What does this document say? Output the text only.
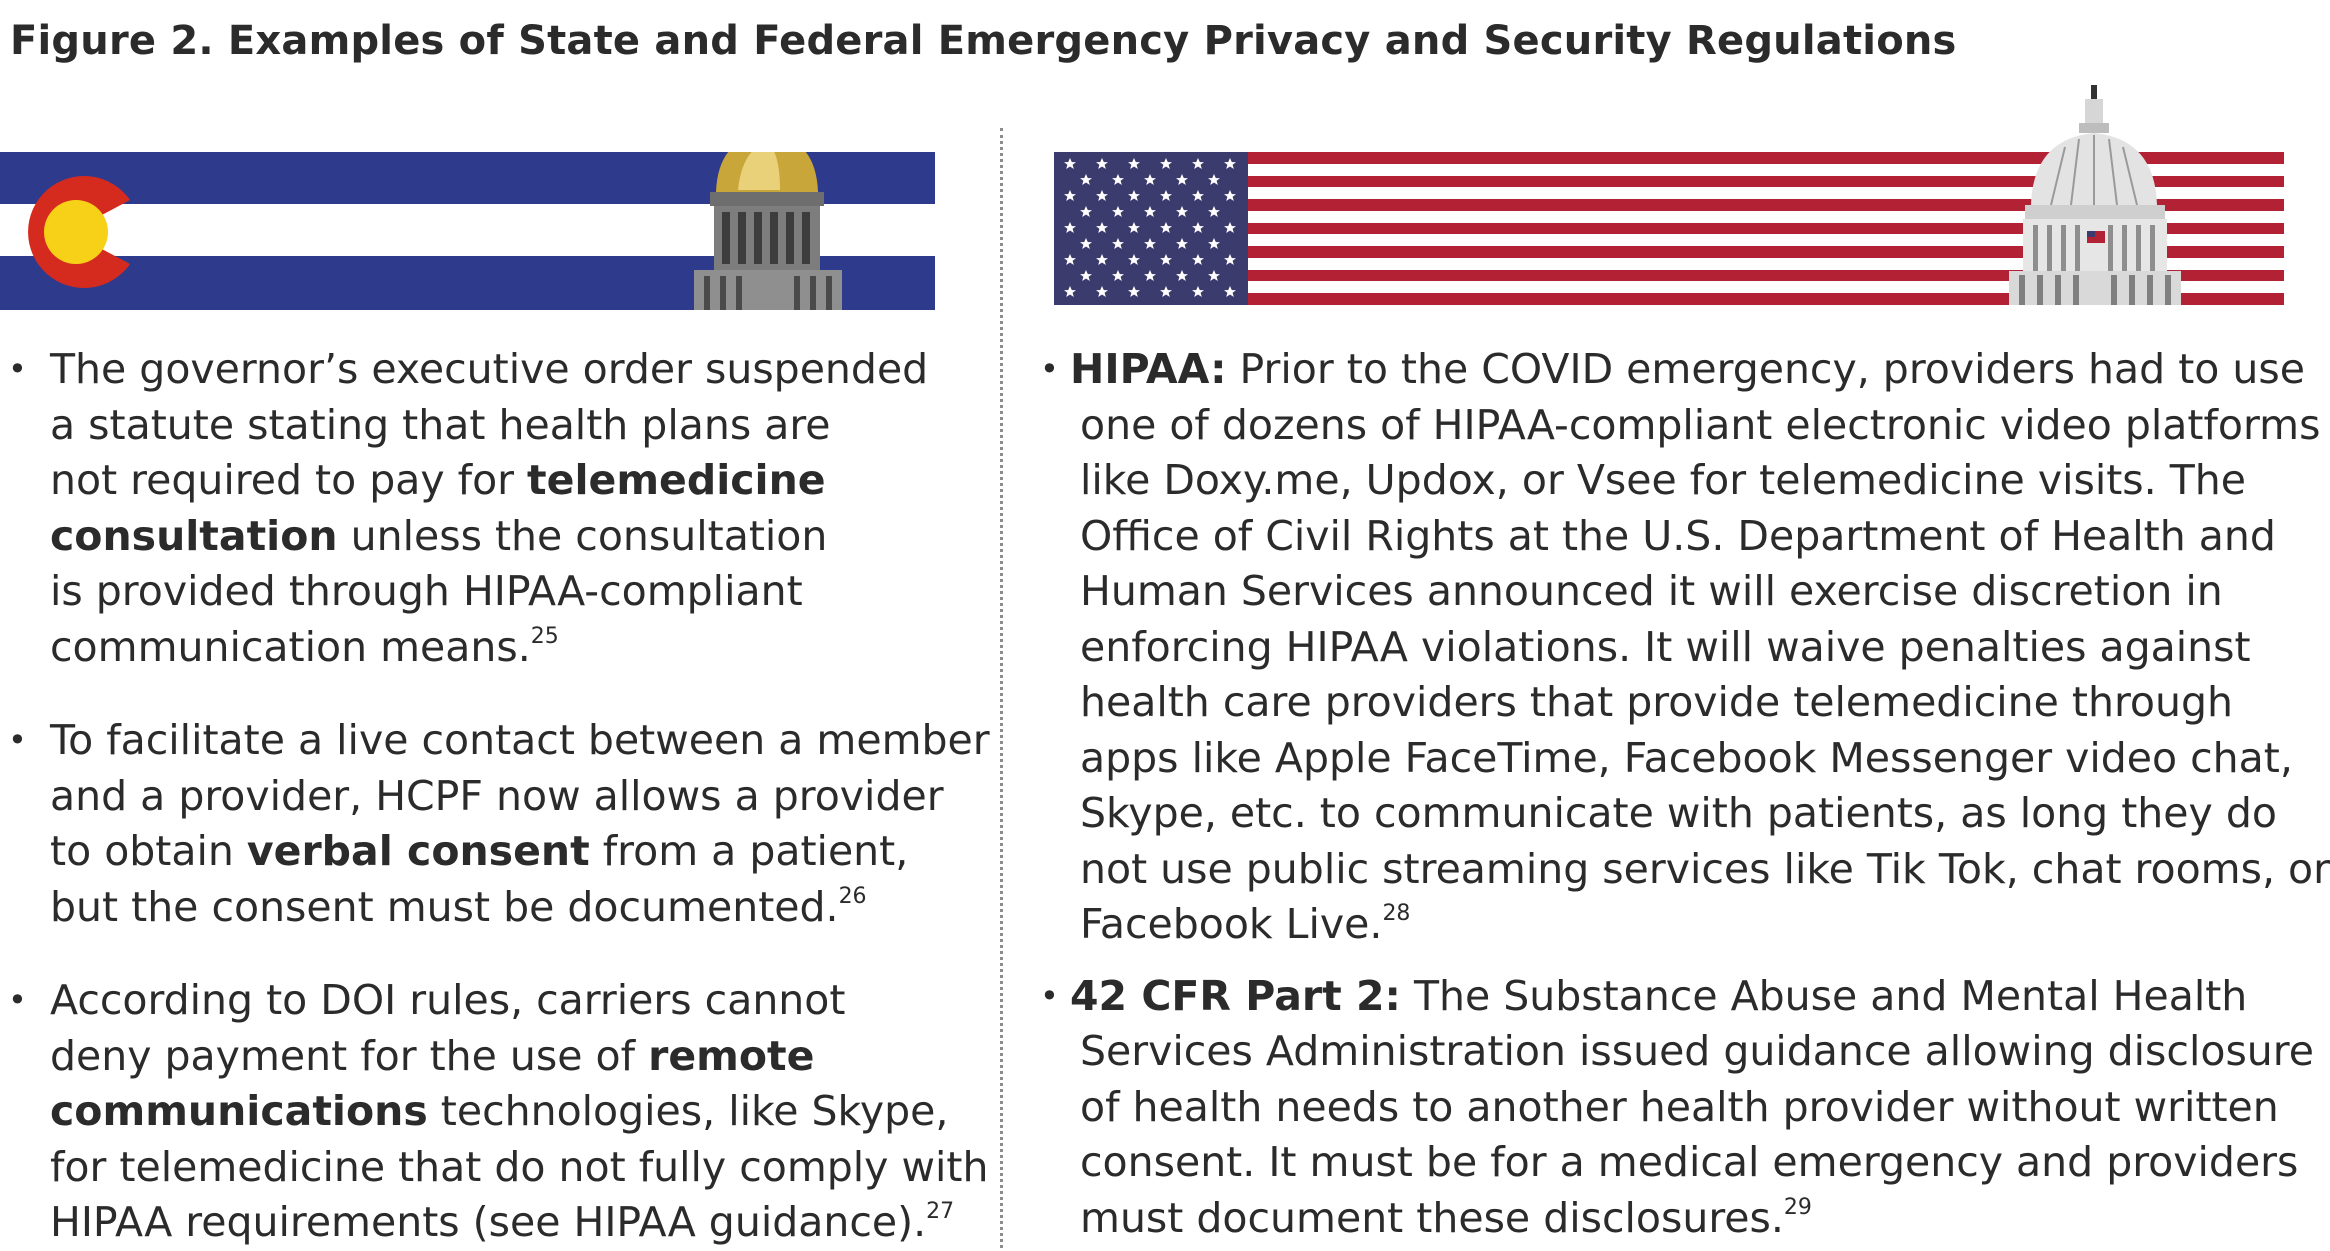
Figure 2. Examples of State and Federal Emergency Privacy and Security Regulations
• The governor’s executive order suspended
a statute stating that health plans are
not required to pay for telemedicine
consultation unless the consultation
is provided through HIPAA-compliant
communication means.$^{25}$
• To facilitate a live contact between a member
and a provider, HCPF now allows a provider
to obtain verbal consent from a patient,
but the consent must be documented.$^{26}$
• According to DOI rules, carriers cannot
deny payment for the use of remote
communications technologies, like Skype,
for telemedicine that do not fully comply with
HIPAA requirements (see HIPAA guidance).$^{27}$
• HIPAA: Prior to the COVID emergency, providers had to use
one of dozens of HIPAA-compliant electronic video platforms
like Doxy.me, Updox, or Vsee for telemedicine visits. The
Office of Civil Rights at the U.S. Department of Health and
Human Services announced it will exercise discretion in
enforcing HIPAA violations. It will waive penalties against
health care providers that provide telemedicine through
apps like Apple FaceTime, Facebook Messenger video chat,
Skype, etc. to communicate with patients, as long they do
not use public streaming services like Tik Tok, chat rooms, or
Facebook Live.$^{28}$
• 42 CFR Part 2: The Substance Abuse and Mental Health
Services Administration issued guidance allowing disclosure
of health needs to another health provider without written
consent. It must be for a medical emergency and providers
must document these disclosures.$^{29}$
